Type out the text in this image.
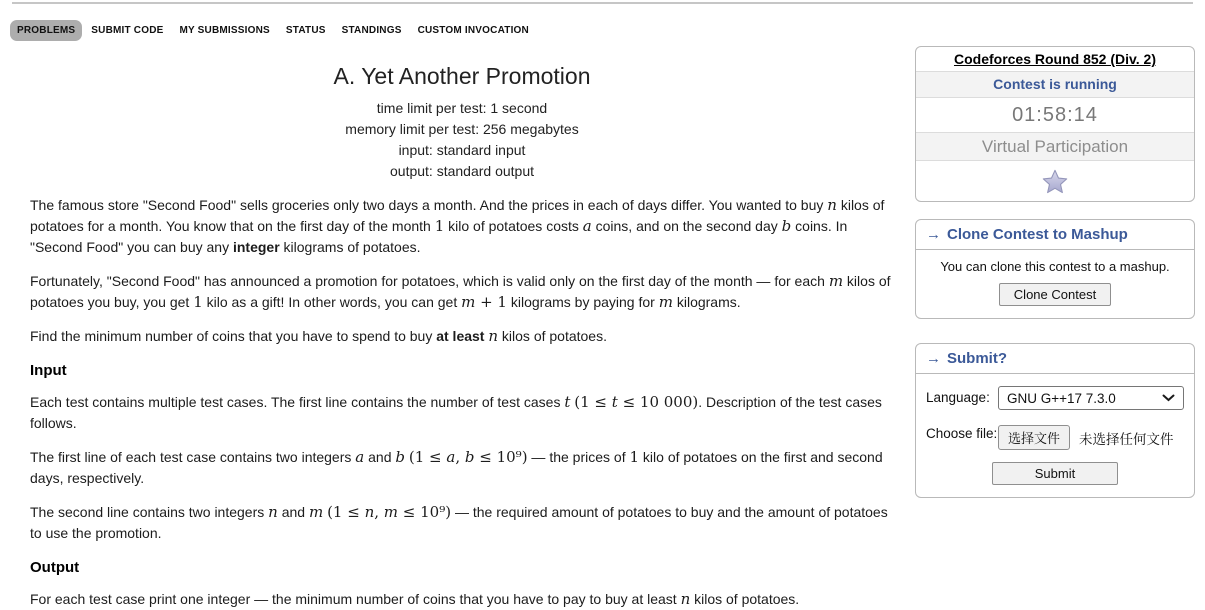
PROBLEMS	SUBMIT CODE	MY SUBMISSIONS	STATUS	STANDINGS	CUSTOM INVOCATION
A. Yet Another Promotion
time limit per test: 1 second
memory limit per test: 256 megabytes
input: standard input
output: standard output

The famous store "Second Food" sells groceries only two days a month. And the prices in each of days differ. You wanted to buy n kilos of potatoes for a month. You know that on the first day of the month 1 kilo of potatoes costs a coins, and on the second day b coins. In "Second Food" you can buy any integer kilograms of potatoes.

Fortunately, "Second Food" has announced a promotion for potatoes, which is valid only on the first day of the month — for each m kilos of potatoes you buy, you get 1 kilo as a gift! In other words, you can get m + 1 kilograms by paying for m kilograms.

Find the minimum number of coins that you have to spend to buy at least n kilos of potatoes.

Input

Each test contains multiple test cases. The first line contains the number of test cases t (1 ≤ t ≤ 10 000). Description of the test cases follows.

The first line of each test case contains two integers a and b (1 ≤ a, b ≤ 10⁹) — the prices of 1 kilo of potatoes on the first and second days, respectively.

The second line contains two integers n and m (1 ≤ n, m ≤ 10⁹) — the required amount of potatoes to buy and the amount of potatoes to use the promotion.

Output

For each test case print one integer — the minimum number of coins that you have to pay to buy at least n kilos of potatoes.

Codeforces Round 852 (Div. 2)
Contest is running
01:58:14
Virtual Participation
→ Clone Contest to Mashup

You can clone this contest to a mashup.

Clone Contest
→ Submit?
Language:	GNU G++17 7.3.0
Choose file: 选择文件	未选择任何文件
Submit
